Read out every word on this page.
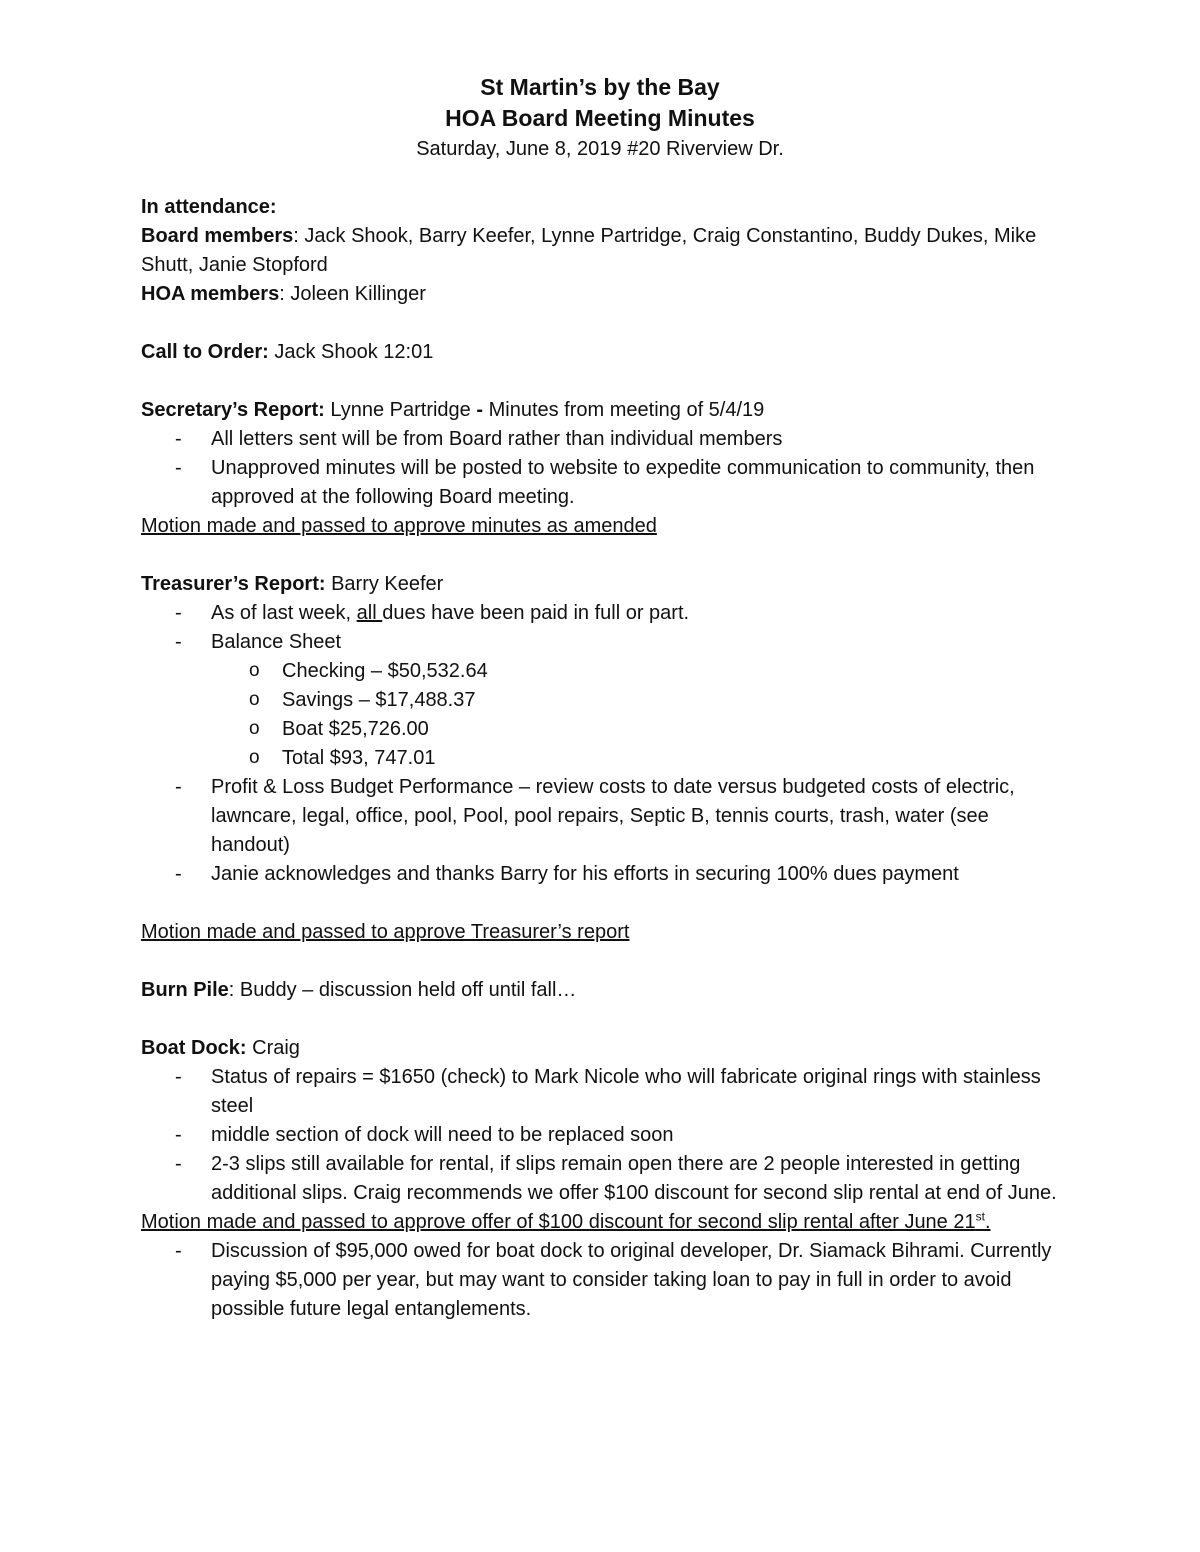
St Martin’s by the Bay
HOA Board Meeting Minutes
Saturday, June 8, 2019 #20 Riverview Dr.
In attendance:
Board members: Jack Shook, Barry Keefer, Lynne Partridge, Craig Constantino, Buddy Dukes, Mike Shutt, Janie Stopford
HOA members: Joleen Killinger
Call to Order: Jack Shook 12:01
Secretary’s Report: Lynne Partridge - Minutes from meeting of 5/4/19
- All letters sent will be from Board rather than individual members
- Unapproved minutes will be posted to website to expedite communication to community, then approved at the following Board meeting.
Motion made and passed to approve minutes as amended
Treasurer’s Report: Barry Keefer
- As of last week, all dues have been paid in full or part.
- Balance Sheet
o Checking – $50,532.64
o Savings – $17,488.37
o Boat $25,726.00
o Total $93, 747.01
- Profit & Loss Budget Performance – review costs to date versus budgeted costs of electric, lawncare, legal, office, pool, Pool, pool repairs, Septic B, tennis courts, trash, water (see handout)
- Janie acknowledges and thanks Barry for his efforts in securing 100% dues payment
Motion made and passed to approve Treasurer’s report
Burn Pile: Buddy – discussion held off until fall…
Boat Dock: Craig
- Status of repairs = $1650 (check) to Mark Nicole who will fabricate original rings with stainless steel
- middle section of dock will need to be replaced soon
- 2-3 slips still available for rental, if slips remain open there are 2 people interested in getting additional slips. Craig recommends we offer $100 discount for second slip rental at end of June.
Motion made and passed to approve offer of $100 discount for second slip rental after June 21st.
- Discussion of $95,000 owed for boat dock to original developer, Dr. Siamack Bihrami. Currently paying $5,000 per year, but may want to consider taking loan to pay in full in order to avoid possible future legal entanglements.
